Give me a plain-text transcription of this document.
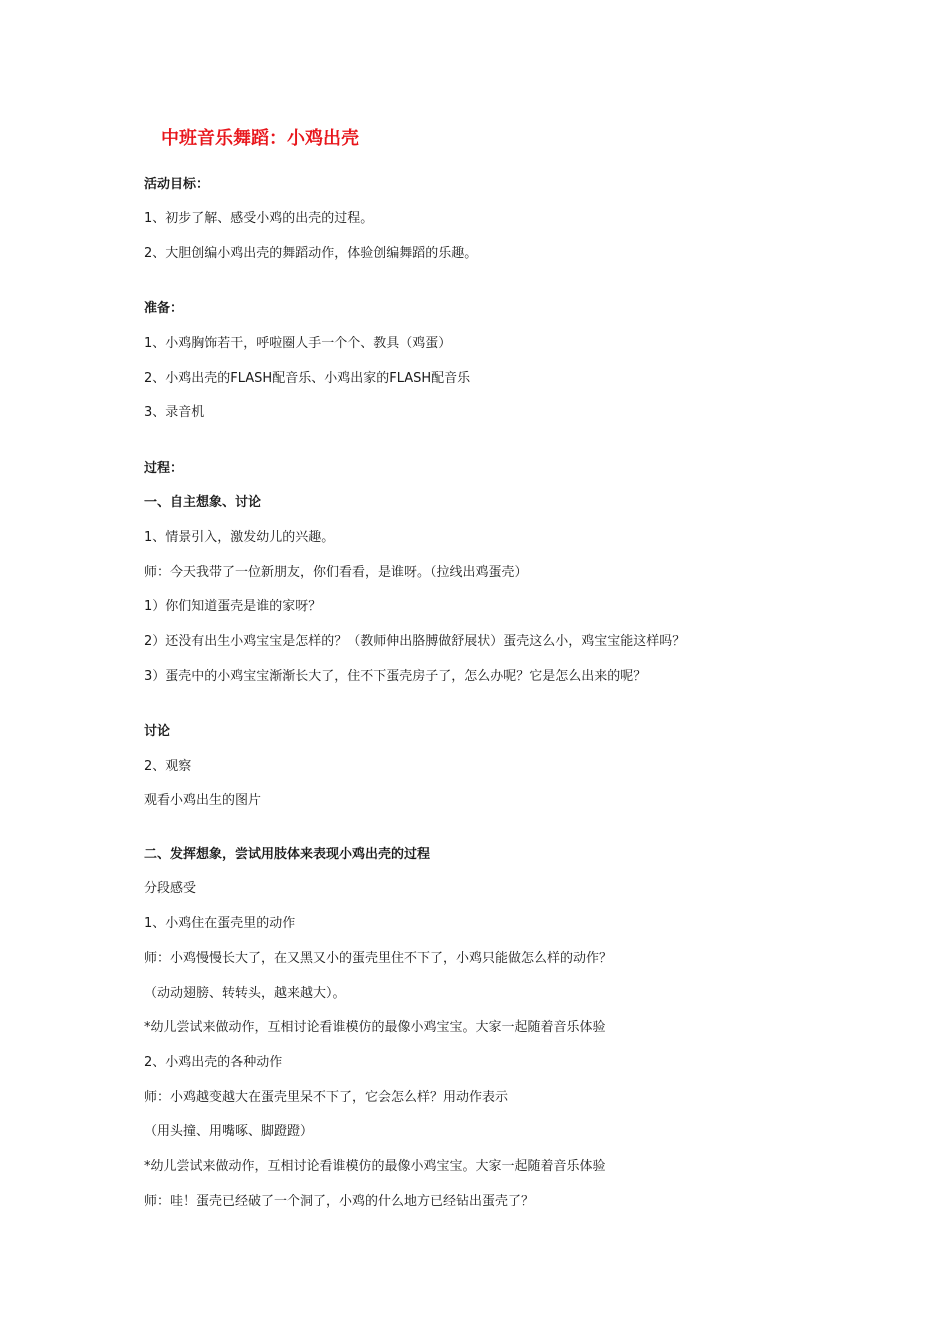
中班音乐舞蹈：小鸡出壳
活动目标：
1、初步了解、感受小鸡的出壳的过程。
2、大胆创编小鸡出壳的舞蹈动作，体验创编舞蹈的乐趣。
准备：
1、小鸡胸饰若干，呼啦圈人手一个个、教具（鸡蛋）
2、小鸡出壳的FLASH配音乐、小鸡出家的FLASH配音乐
3、录音机
过程：
一、自主想象、讨论
1、情景引入，激发幼儿的兴趣。
师：今天我带了一位新朋友，你们看看，是谁呀。（拉线出鸡蛋壳）
1）你们知道蛋壳是谁的家呀？
2）还没有出生小鸡宝宝是怎样的？（教师伸出胳膊做舒展状）蛋壳这么小，鸡宝宝能这样吗？
3）蛋壳中的小鸡宝宝渐渐长大了，住不下蛋壳房子了，怎么办呢？它是怎么出来的呢？
讨论
2、观察
观看小鸡出生的图片
二、发挥想象，尝试用肢体来表现小鸡出壳的过程
分段感受
1、小鸡住在蛋壳里的动作
师：小鸡慢慢长大了，在又黑又小的蛋壳里住不下了，小鸡只能做怎么样的动作？
（动动翅膀、转转头，越来越大）。
*幼儿尝试来做动作，互相讨论看谁模仿的最像小鸡宝宝。大家一起随着音乐体验
2、小鸡出壳的各种动作
师：小鸡越变越大在蛋壳里呆不下了，它会怎么样？用动作表示
（用头撞、用嘴啄、脚蹬蹬）
*幼儿尝试来做动作，互相讨论看谁模仿的最像小鸡宝宝。大家一起随着音乐体验
师：哇！蛋壳已经破了一个洞了，小鸡的什么地方已经钻出蛋壳了？
